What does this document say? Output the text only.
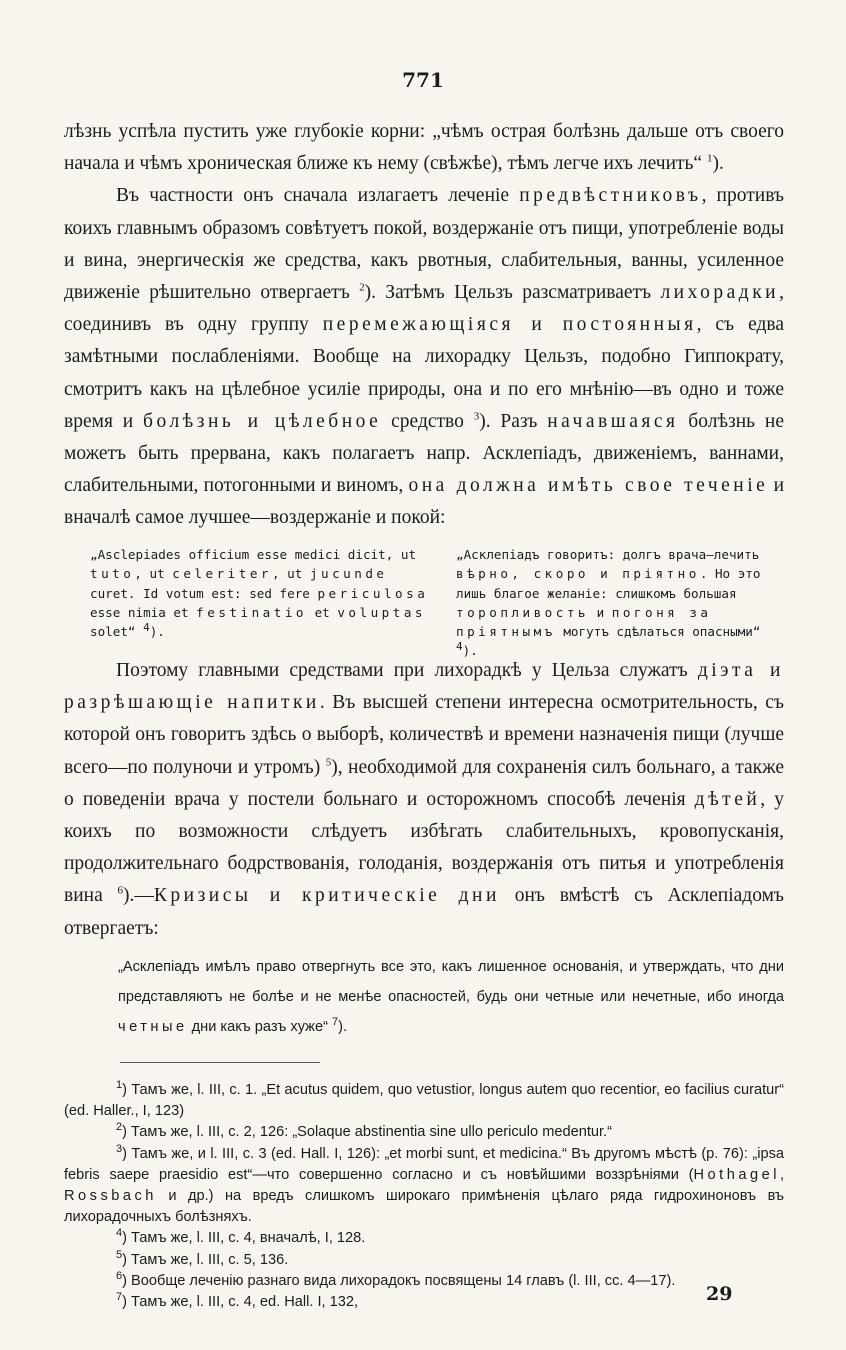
771

лѣзнь успѣла пустить уже глубокіе корни: „чѣмъ острая болѣзнь дальше отъ своего начала и чѣмъ хроническая ближе къ нему (свѣжѣе), тѣмъ легче ихъ лечить“ $^1$).

Въ частности онъ сначала излагаетъ леченіе предвѣстниковъ, противъ коихъ главнымъ образомъ совѣтуетъ покой, воздержаніе отъ пищи, употребленіе воды и вина, энергическія же средства, какъ рвотныя, слабительныя, ванны, усиленное движеніе рѣшительно отвергаетъ $^2$). Затѣмъ Цельзъ разсматриваетъ лихорадки, соединивъ въ одну группу перемежающіяся и постоянныя, съ едва замѣтными послабленіями. Вообще на лихорадку Цельзъ, подобно Гиппократу, смотритъ какъ на цѣлебное усиліе природы, она и по его мнѣнію—въ одно и тоже время и болѣзнь и цѣлебное средство $^3$). Разъ начавшаяся болѣзнь не можетъ быть прервана, какъ полагаетъ напр. Асклепіадъ, движеніемъ, ваннами, слабительными, потогонными и виномъ, она должна имѣть свое теченіе и вначалѣ самое лучшее—воздержаніе и покой:

„Asclepiades officium esse medici dicit, ut tuto, ut celeriter, ut jucunde curet. Id votum est: sed fere periculosa esse nimia et festinatio et voluptas solet“ $^4$).

„Асклепіадъ говоритъ: долгъ врача—лечить вѣрно, скоро и пріятно. Но это лишь благое желаніе: слишкомъ большая торопливость и погоня за пріятнымъ могутъ сдѣлаться опасными“ $^4$).

Поэтому главными средствами при лихорадкѣ у Цельза служатъ діэта и разрѣшающіе напитки. Въ высшей степени интересна осмотрительность, съ которой онъ говоритъ здѣсь о выборѣ, количествѣ и времени назначенія пищи (лучше всего—по полуночи и утромъ) $^5$), необходимой для сохраненія силъ больнаго, а также о поведеніи врача у постели больнаго и осторожномъ способѣ леченія дѣтей, у коихъ по возможности слѣдуетъ избѣгать слабительныхъ, кровопусканія, продолжительнаго бодрствованія, голоданія, воздержанія отъ питья и употребленія вина $^6$).—Кризисы и критическіе дни онъ вмѣстѣ съ Асклепіадомъ отвергаетъ:

„Асклепіадъ имѣлъ право отвергнуть все это, какъ лишенное основанія, и утверждать, что дни представляютъ не болѣе и не менѣе опасностей, будь они четные или нечетные, ибо иногда четные дни какъ разъ хуже“ $^7$).

$^1$) Тамъ же, l. III, c. 1. „Et acutus quidem, quo vetustior, longus autem quo recentior, eo facilius curatur“ (ed. Haller., I, 123)

$^2$) Тамъ же, l. III, c. 2, 126: „Solaque abstinentia sine ullo periculo medentur.“

$^3$) Тамъ же, и l. III, c. 3 (ed. Hall. I, 126): „et morbi sunt, et medicina.“ Въ другомъ мѣстѣ (p. 76): „ipsa febris saepe praesidio est“—что совершенно согласно и съ новѣйшими воззрѣніями (Hothagel, Rossbach и др.) на вредъ слишкомъ широкаго примѣненія цѣлаго ряда гидрохиноновъ въ лихорадочныхъ болѣзняхъ.

$^4$) Тамъ же, l. III, c. 4, вначалѣ, I, 128.

$^5$) Тамъ же, l. III, c. 5, 136.

$^6$) Вообще леченію разнаго вида лихорадокъ посвящены 14 главъ (l. III, cc. 4—17).

$^7$) Тамъ же, l. III, c. 4, ed. Hall. I, 132,	29
